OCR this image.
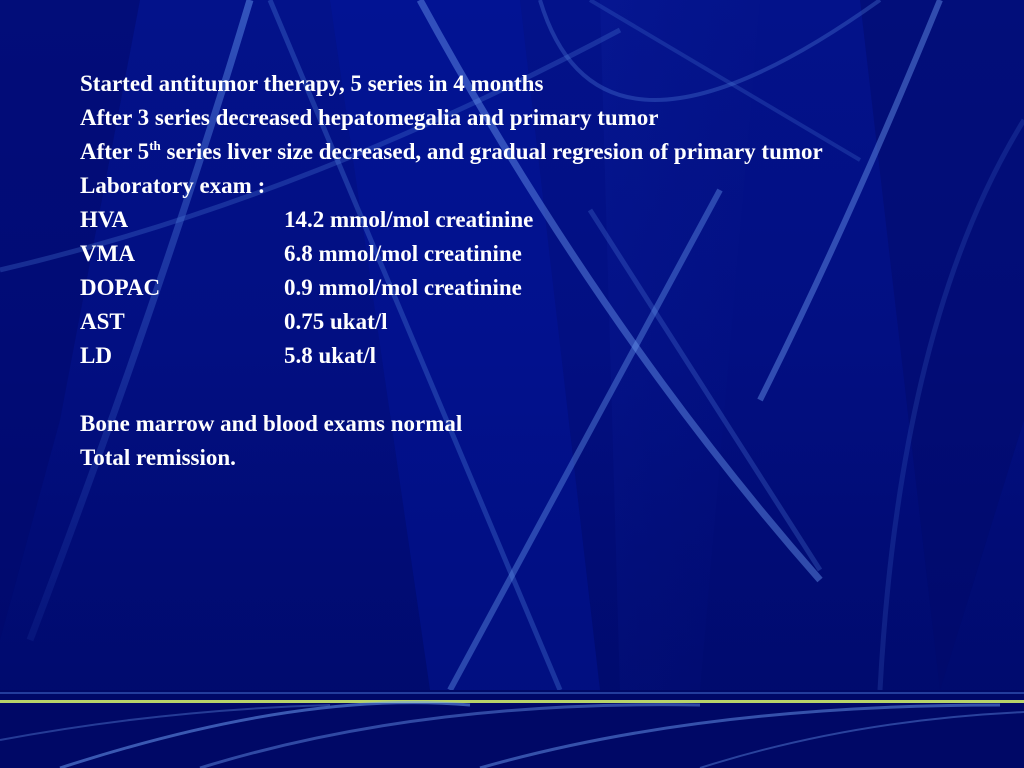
Started antitumor therapy, 5 series in 4 months
After 3 series decreased hepatomegalia and primary tumor
After 5th series liver size decreased, and gradual regresion of primary tumor
Laboratory exam :
HVA	14.2 mmol/mol creatinine
VMA	6.8 mmol/mol creatinine
DOPAC	0.9 mmol/mol creatinine
AST	0.75 ukat/l
LD	5.8 ukat/l
Bone marrow and blood exams normal
Total remission.
